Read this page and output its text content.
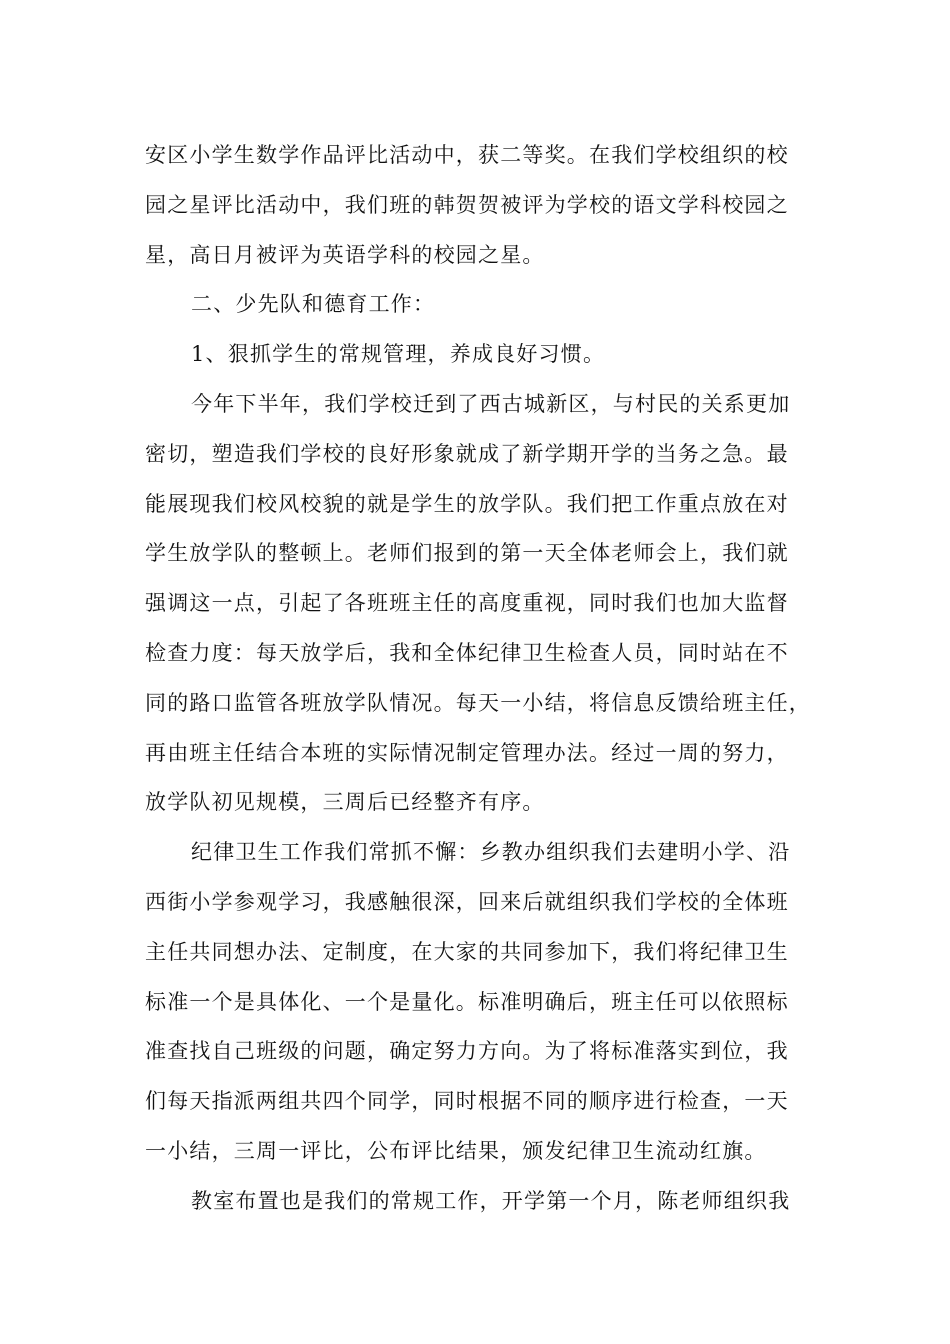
安区小学生数学作品评比活动中，获二等奖。在我们学校组织的校
园之星评比活动中，我们班的韩贺贺被评为学校的语文学科校园之
星，高日月被评为英语学科的校园之星。
二、少先队和德育工作：
1、狠抓学生的常规管理，养成良好习惯。
今年下半年，我们学校迁到了西古城新区，与村民的关系更加
密切，塑造我们学校的良好形象就成了新学期开学的当务之急。最
能展现我们校风校貌的就是学生的放学队。我们把工作重点放在对
学生放学队的整顿上。老师们报到的第一天全体老师会上，我们就
强调这一点，引起了各班班主任的高度重视，同时我们也加大监督
检查力度：每天放学后，我和全体纪律卫生检查人员，同时站在不
同的路口监管各班放学队情况。每天一小结，将信息反馈给班主任，
再由班主任结合本班的实际情况制定管理办法。经过一周的努力，
放学队初见规模，三周后已经整齐有序。
纪律卫生工作我们常抓不懈：乡教办组织我们去建明小学、沿
西街小学参观学习，我感触很深，回来后就组织我们学校的全体班
主任共同想办法、定制度，在大家的共同参加下，我们将纪律卫生
标准一个是具体化、一个是量化。标准明确后，班主任可以依照标
准查找自己班级的问题，确定努力方向。为了将标准落实到位，我
们每天指派两组共四个同学，同时根据不同的顺序进行检查，一天
一小结，三周一评比，公布评比结果，颁发纪律卫生流动红旗。
教室布置也是我们的常规工作，开学第一个月，陈老师组织我
